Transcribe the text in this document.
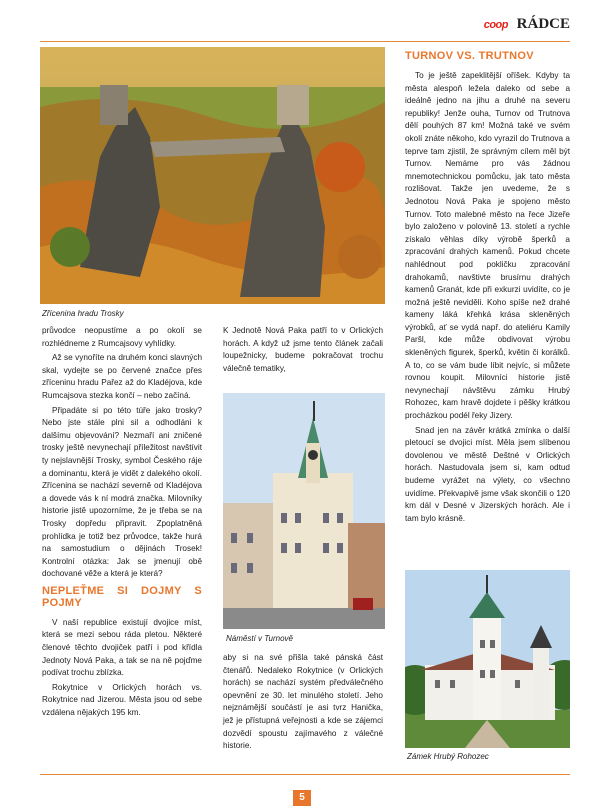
coop RÁDCE
Zřícenina hradu Trosky

průvodce neopustíme a po okolí se rozhlédneme z Rumcajsovy vyhlídky.

Až se vynoříte na druhém konci slavných skal, vydejte se po červené značce přes zříceninu hradu Pařez až do Kladéjova, kde Rumcajsova stezka končí – nebo začíná.

Připadáte si po této túře jako trosky? Nebo jste stále plni sil a odhodláni k dalšímu objevování? Nezmaří ani zničené trosky ještě nevynechají příležitost navštívit ty nejslavnější Trosky, symbol Českého ráje a dominantu, která je vidět z dalekého okolí. Zřícenina se nachází severně od Kladéjova a dovede vás k ní modrá značka. Milovníky historie jistě upozorníme, že je třeba se na Trosky dopředu připravit. Zpoplatněná prohlídka je totiž bez průvodce, takže hurá na samostudium o dějinách Trosek! Kontrolní otázka: Jak se jmenují obě dochované věže a která je která?

NEPLEŤME SI DOJMY S POJMY

V naší republice existují dvojice míst, která se mezi sebou ráda pletou. Některé členové těchto dvojiček patří i pod křídla Jednoty Nová Paka, a tak se na ně pojďme podívat trochu zblízka.

Rokytnice v Orlických horách vs. Rokytnice nad Jizerou. Města jsou od sebe vzdálena nějakých 195 km.

K Jednotě Nová Paka patří to v Orlických horách. A když už jsme tento článek začali loupežnicky, budeme pokračovat trochu válečně tematiky,

Náměstí v Turnově

aby si na své přišla také pánská část čtenářů. Nedaleko Rokytnice (v Orlických horách) se nachází systém předválečného opevnění ze 30. let minulého století. Jeho nejznámější součástí je asi tvrz Hanička, jež je přístupná veřejnosti a kde se zájemci dozvědí spoustu zajímavého z válečné historie.

TURNOV VS. TRUTNOV

To je ještě zapeklitější oříšek. Kdyby ta města alespoň ležela daleko od sebe a ideálně jedno na jihu a druhé na severu republiky! Jenže ouha, Turnov od Trutnova dělí pouhých 87 km! Možná také ve svém okolí znáte někoho, kdo vyrazil do Trutnova a teprve tam zjistil, že správným cílem měl být Turnov. Nemáme pro vás žádnou mnemotechnickou pomůcku, jak tato města rozlišovat. Takže jen uvedeme, že s Jednotou Nová Paka je spojeno město Turnov. Toto malebné město na řece Jizeře bylo založeno v polovině 13. století a rychle získalo věhlas díky výrobě šperků a zpracování drahých kamenů. Pokud chcete nahlédnout pod pokličku zpracování drahokamů, navštivte brusírnu drahých kamenů Granát, kde při exkurzi uvidíte, co je možná ještě neviděli. Koho spíše než drahé kameny láká křehká krása skleněných výrobků, ať se vydá např. do ateliéru Kamily Paršl, kde může obdivovat výrobu skleněných figurek, šperků, květin či korálků. A to, co se vám bude líbit nejvíc, si můžete rovnou koupit. Milovníci historie jistě nevynechají návštěvu zámku Hrubý Rohozec, kam hravě dojdete i pěšky krátkou procházkou podél řeky Jizery.

Snad jen na závěr krátká zmínka o další pletoucí se dvojici míst. Měla jsem slíbenou dovolenou ve městě Deštné v Orlických horách. Nastudovala jsem si, kam odtud budeme vyrážet na výlety, co všechno uvidíme. Překvapivě jsme však skončili o 120 km dál v Desné v Jizerských horách. Ale i tam bylo krásně.

Zámek Hrubý Rohozec
5
